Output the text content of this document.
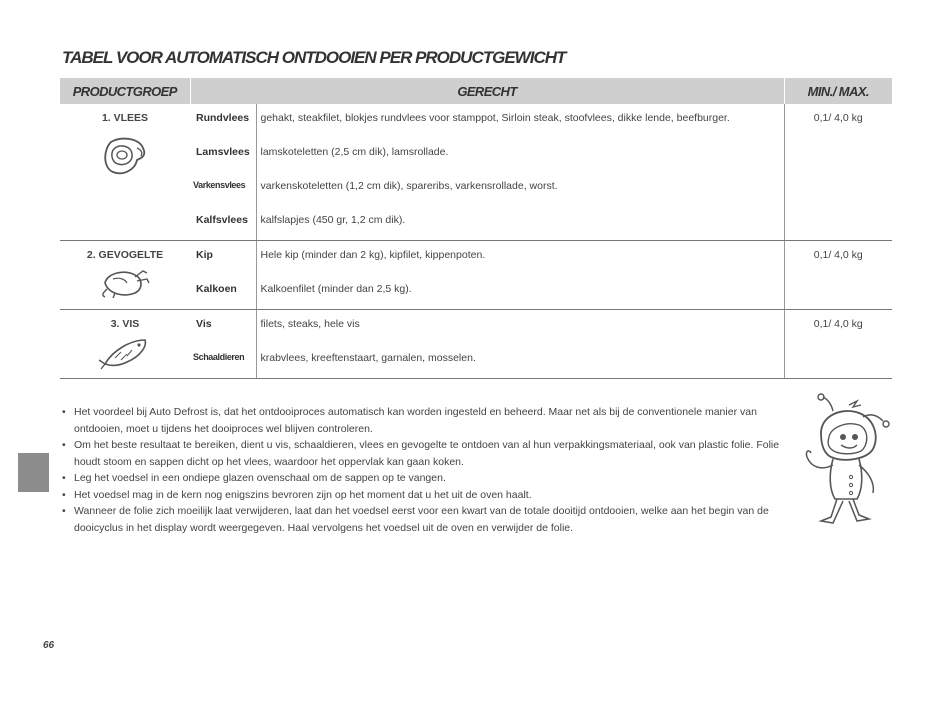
TABEL VOOR AUTOMATISCH ONTDOOIEN PER PRODUCTGEWICHT
PRODUCTGROEP	GERECHT		MIN./ MAX.
1. VLEES	Rundvlees	gehakt, steakfilet, blokjes rundvlees voor stamppot, Sirloin steak, stoofvlees, dikke lende, beefburger.	0,1/ 4,0 kg
	Lamsvlees	lamskoteletten (2,5 cm dik), lamsrollade.	
	Varkensvlees	varkenskoteletten (1,2 cm dik), spareribs, varkensrollade, worst.	
	Kalfsvlees	kalfslapjes (450 gr, 1,2 cm dik).	
2. GEVOGELTE	Kip	Hele kip (minder dan 2 kg), kipfilet, kippenpoten.	0,1/ 4,0 kg
	Kalkoen	Kalkoenfilet (minder dan 2,5 kg).	
3. VIS	Vis	filets, steaks, hele vis	0,1/ 4,0 kg
	Schaaldieren	krabvlees, kreeftenstaart, garnalen, mosselen.	
• Het voordeel bij Auto Defrost is, dat het ontdooiproces automatisch kan worden ingesteld en beheerd. Maar net als bij de conventionele manier van ontdooien, moet u tijdens het dooiproces wel blijven controleren.
• Om het beste resultaat te bereiken, dient u vis, schaaldieren, vlees en gevogelte te ontdoen van al hun verpakkingsmateriaal, ook van plastic folie. Folie houdt stoom en sappen dicht op het vlees, waardoor het oppervlak kan gaan koken.
• Leg het voedsel in een ondiepe glazen ovenschaal om de sappen op te vangen.
• Het voedsel mag in de kern nog enigszins bevroren zijn op het moment dat u het uit de oven haalt.
• Wanneer de folie zich moeilijk laat verwijderen, laat dan het voedsel eerst voor een kwart van de totale dooitijd ontdooien, welke aan het begin van de dooicyclus in het display wordt weergegeven. Haal vervolgens het voedsel uit de oven en verwijder de folie.
66
